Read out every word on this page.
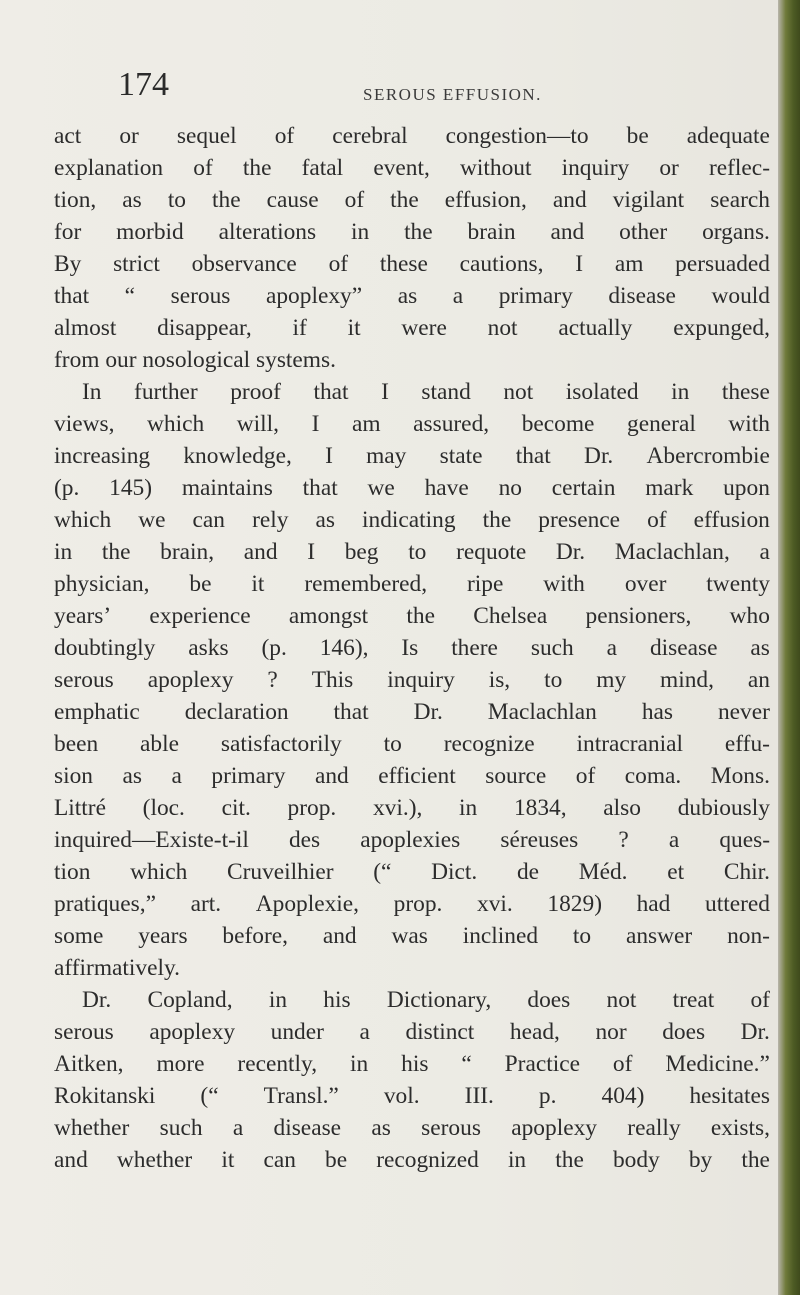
174	SEROUS EFFUSION.
act or sequel of cerebral congestion—to be adequate
explanation of the fatal event, without inquiry or reflec-
tion, as to the cause of the effusion, and vigilant search
for morbid alterations in the brain and other organs.
By strict observance of these cautions, I am persuaded
that “ serous apoplexy” as a primary disease would
almost disappear, if it were not actually expunged,
from our nosological systems.
In further proof that I stand not isolated in these
views, which will, I am assured, become general with
increasing knowledge, I may state that Dr. Abercrombie
(p. 145) maintains that we have no certain mark upon
which we can rely as indicating the presence of effusion
in the brain, and I beg to requote Dr. Maclachlan, a
physician, be it remembered, ripe with over twenty
years’ experience amongst the Chelsea pensioners, who
doubtingly asks (p. 146), Is there such a disease as
serous apoplexy ? This inquiry is, to my mind, an
emphatic declaration that Dr. Maclachlan has never
been able satisfactorily to recognize intracranial effu-
sion as a primary and efficient source of coma. Mons.
Littré (loc. cit. prop. xvi.), in 1834, also dubiously
inquired—Existe-t-il des apoplexies séreuses ? a ques-
tion which Cruveilhier (“ Dict. de Méd. et Chir.
pratiques,” art. Apoplexie, prop. xvi. 1829) had uttered
some years before, and was inclined to answer non-
affirmatively.
Dr. Copland, in his Dictionary, does not treat of
serous apoplexy under a distinct head, nor does Dr.
Aitken, more recently, in his “ Practice of Medicine.”
Rokitanski (“ Transl.” vol. III. p. 404) hesitates
whether such a disease as serous apoplexy really exists,
and whether it can be recognized in the body by the
